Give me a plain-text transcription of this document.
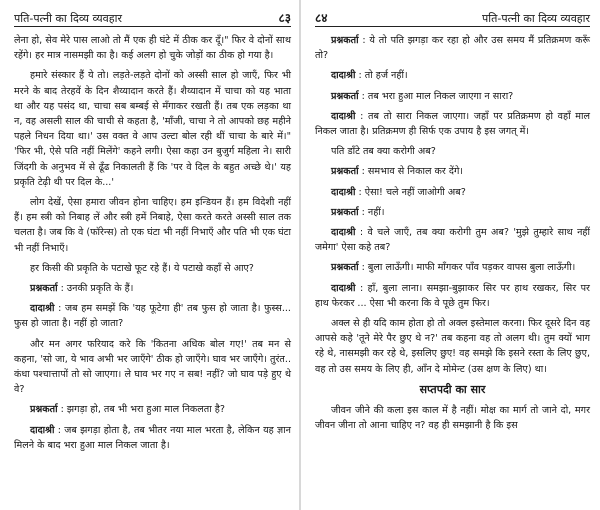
पति-पत्नी का दिव्य व्यवहार	८३

लेना हो, सेव मेरे पास लाओ तो मैं एक ही घंटे में ठीक कर दूँ।" फिर वे दोनों साथ रहेंगे। हर मात्र नासमझी का है। कई अलग हो चुके जोड़ों का ठीक हो गया है।

हमारे संस्कार हैं ये तो। लड़ते-लड़ते दोनों को अस्सी साल हो जाएँ, फिर भी मरने के बाद तेरहवें के दिन शैय्यादान करते हैं। शैय्यादान में चाचा को यह भाता था और यह पसंद था, चाचा सब बम्बई से मँगाकर रखती हैं। तब एक लड़का था न, वह असली साल की चाची से कहता है, 'माँजी, चाचा ने तो आपको छह महीने पहले निधन दिया था।' उस वक्त वे आप उल्टा बोल रही थीं चाचा के बारे में।" 'फिर भी, ऐसे पति नहीं मिलेंगे' कहने लगी। ऐसा कहा उन बुजुर्ग महिला ने। सारी जिंदगी के अनुभव में से ढूँढ निकालती हैं कि 'पर वे दिल के बहुत अच्छे थे।' यह प्रकृति टेढ़ी थी पर दिल के...'

लोग देखें, ऐसा हमारा जीवन होना चाहिए। हम इन्डियन हैं। हम विदेशी नहीं हैं। हम स्त्री को निबाह लें और स्त्री हमें निबाहे, ऐसा करते करते अस्सी साल तक चलता है। जब कि वे (फॉरेन्स) तो एक घंटा भी नहीं निभाएँ और पति भी एक घंटा भी नहीं निभाएँ।

हर किसी की प्रकृति के पटाखे फूट रहे हैं। ये पटाखे कहाँ से आए?

प्रश्नकर्ता : उनकी प्रकृति के हैं।

दादाश्री : जब हम समझें कि 'यह फूटेगा ही' तब फुस हो जाता है। फुस्स... फुस हो जाता है। नहीं हो जाता?

और मन अगर फरियाद करे कि 'कितना अधिक बोल गए!' तब मन से कहना, 'सो जा, ये भाव अभी भर जाएँगे' ठीक हो जाएँगे। घाव भर जाएँगे। तुरंत.. कंधा पश्चात्तापों तो सो जाएगा। ले घाव भर गए न सब! नहीं? जो घाव पड़े हुए थे वे?

प्रश्नकर्ता : झगड़ा हो, तब भी भरा हुआ माल निकलता है?

दादाश्री : जब झगड़ा होता है, तब भीतर नया माल भरता है, लेकिन यह ज्ञान मिलने के बाद भरा हुआ माल निकल जाता है।

८४	पति-पत्नी का दिव्य व्यवहार

प्रश्नकर्ता : ये तो पति झगड़ा कर रहा हो और उस समय मैं प्रतिक्रमण करूँ तो?

दादाश्री : तो हर्ज नहीं।

प्रश्नकर्ता : तब भरा हुआ माल निकल जाएगा न सारा?

दादाश्री : तब तो सारा निकल जाएगा। जहाँ पर प्रतिक्रमण हो वहाँ माल निकल जाता है। प्रतिक्रमण ही सिर्फ एक उपाय है इस जगत् में।

पति डाँटे तब क्या करोगी अब?

प्रश्नकर्ता : समभाव से निकाल कर देंगे।

दादाश्री : ऐसा! चले नहीं जाओगी अब?

प्रश्नकर्ता : नहीं।

दादाश्री : वे चले जाएँ, तब क्या करोगी तुम अब? 'मुझे तुम्हारे साथ नहीं जमेगा' ऐसा कहे तब?

प्रश्नकर्ता : बुला लाऊँगी। माफी माँगकर पाँव पड़कर वापस बुला लाऊँगी।

दादाश्री : हाँ, बुला लाना। समझा-बुझाकर सिर पर हाथ रखकर, सिर पर हाथ फेरकर ... ऐसा भी करना कि वे पूछे तुम फिर।

अक्ल से ही यदि काम होता हो तो अक्ल इस्तेमाल करना। फिर दूसरे दिन वह आपसे कहे 'तूने मेरे पैर छुए थे न?' तब कहना वह तो अलग थी। तुम क्यों भाग रहे थे, नासमझी कर रहे थे, इसलिए छुए! वह समझे कि इसने रस्ता के लिए छुए, वह तो उस समय के लिए ही, आँन दे मोमेन्ट (उस क्षण के लिए) था।

सप्तपदी का सार

जीवन जीने की कला इस काल में है नहीं। मोक्ष का मार्ग तो जाने दो, मगर जीवन जीना तो आना चाहिए न? वह ही समझानी है कि इस
